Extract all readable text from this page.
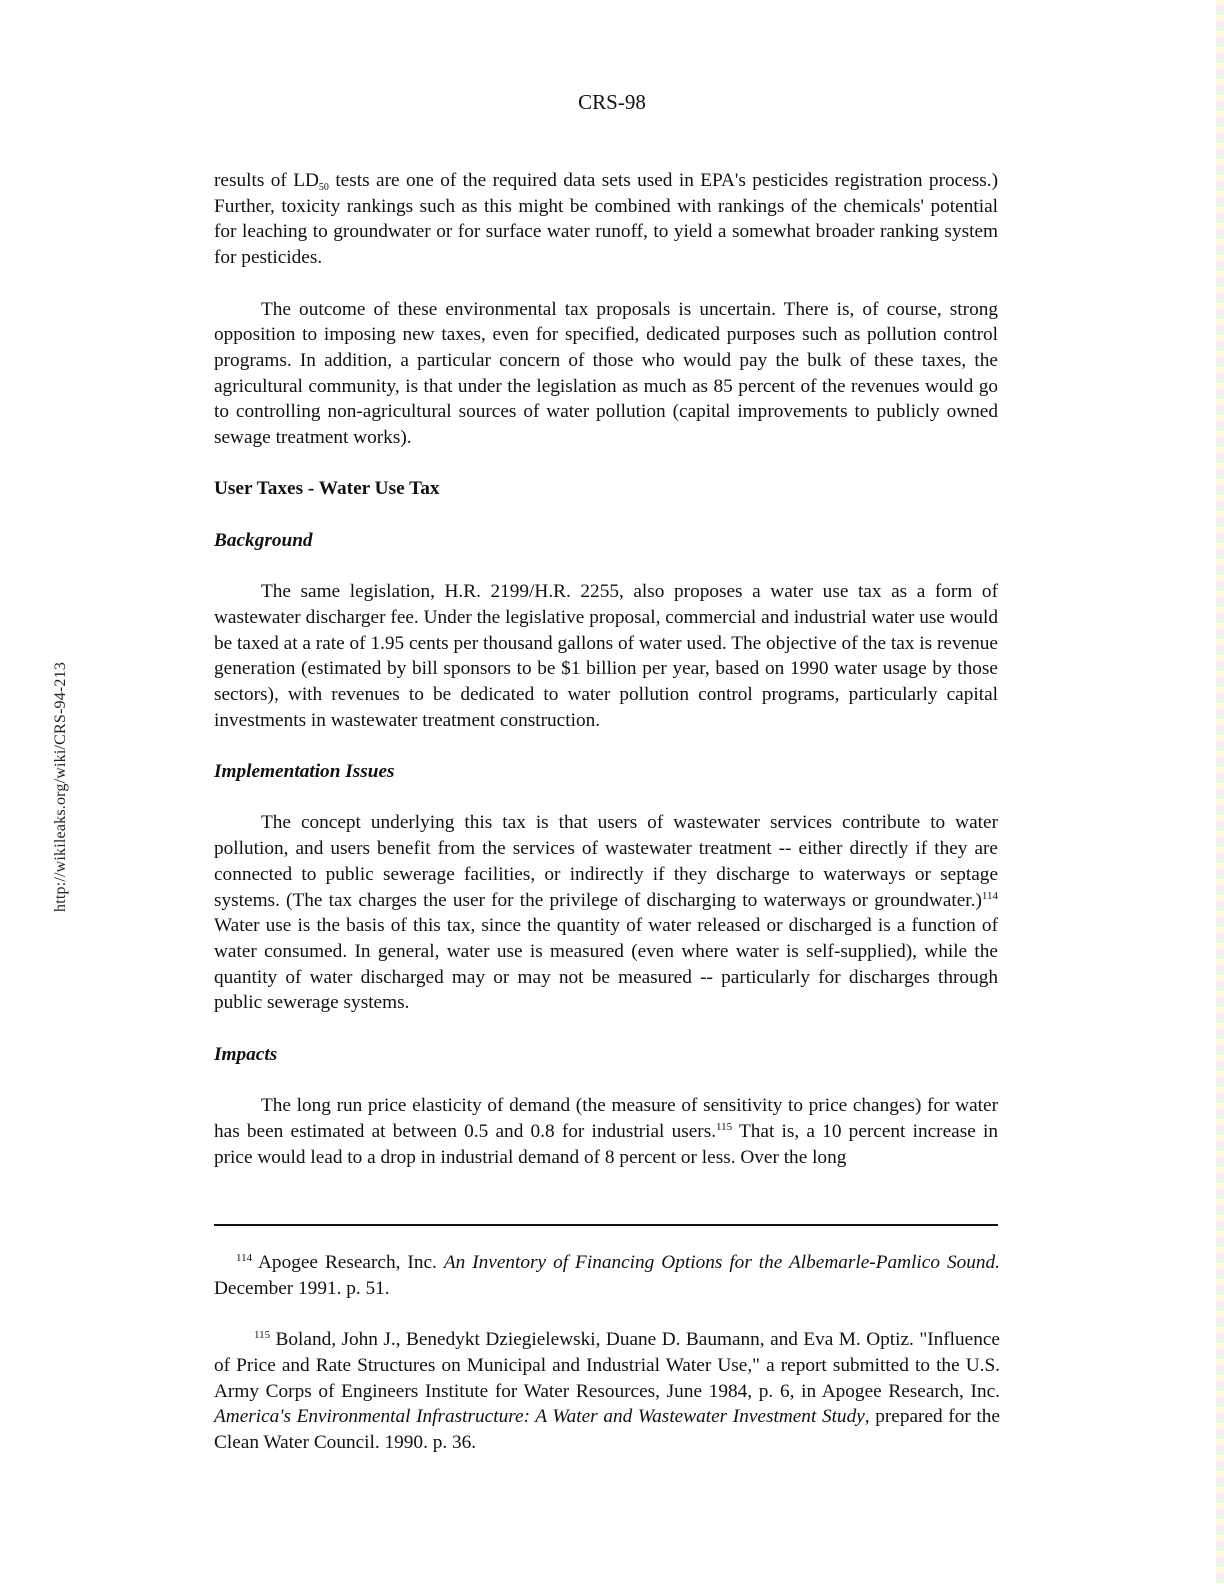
http://wikileaks.org/wiki/CRS-94-213
CRS-98

results of $LD_{50}$ tests are one of the required data sets used in EPA's pesticides registration process.) Further, toxicity rankings such as this might be combined with rankings of the chemicals' potential for leaching to groundwater or for surface water runoff, to yield a somewhat broader ranking system for pesticides.

The outcome of these environmental tax proposals is uncertain. There is, of course, strong opposition to imposing new taxes, even for specified, dedicated purposes such as pollution control programs. In addition, a particular concern of those who would pay the bulk of these taxes, the agricultural community, is that under the legislation as much as 85 percent of the revenues would go to controlling non-agricultural sources of water pollution (capital improvements to publicly owned sewage treatment works).

User Taxes - Water Use Tax
Background

The same legislation, H.R. 2199/H.R. 2255, also proposes a water use tax as a form of wastewater discharger fee. Under the legislative proposal, commercial and industrial water use would be taxed at a rate of 1.95 cents per thousand gallons of water used. The objective of the tax is revenue generation (estimated by bill sponsors to be $1 billion per year, based on 1990 water usage by those sectors), with revenues to be dedicated to water pollution control programs, particularly capital investments in wastewater treatment construction.

Implementation Issues

The concept underlying this tax is that users of wastewater services contribute to water pollution, and users benefit from the services of wastewater treatment -- either directly if they are connected to public sewerage facilities, or indirectly if they discharge to waterways or septage systems. (The tax charges the user for the privilege of discharging to waterways or groundwater.)$^{114}$ Water use is the basis of this tax, since the quantity of water released or discharged is a function of water consumed. In general, water use is measured (even where water is self-supplied), while the quantity of water discharged may or may not be measured -- particularly for discharges through public sewerage systems.

Impacts

The long run price elasticity of demand (the measure of sensitivity to price changes) for water has been estimated at between 0.5 and 0.8 for industrial users.$^{115}$ That is, a 10 percent increase in price would lead to a drop in industrial demand of 8 percent or less. Over the long

$^{114}$ Apogee Research, Inc. An Inventory of Financing Options for the Albemarle-Pamlico Sound. December 1991. p. 51.

$^{115}$ Boland, John J., Benedykt Dziegielewski, Duane D. Baumann, and Eva M. Optiz. "Influence of Price and Rate Structures on Municipal and Industrial Water Use," a report submitted to the U.S. Army Corps of Engineers Institute for Water Resources, June 1984, p. 6, in Apogee Research, Inc. America's Environmental Infrastructure: A Water and Wastewater Investment Study, prepared for the Clean Water Council. 1990. p. 36.
